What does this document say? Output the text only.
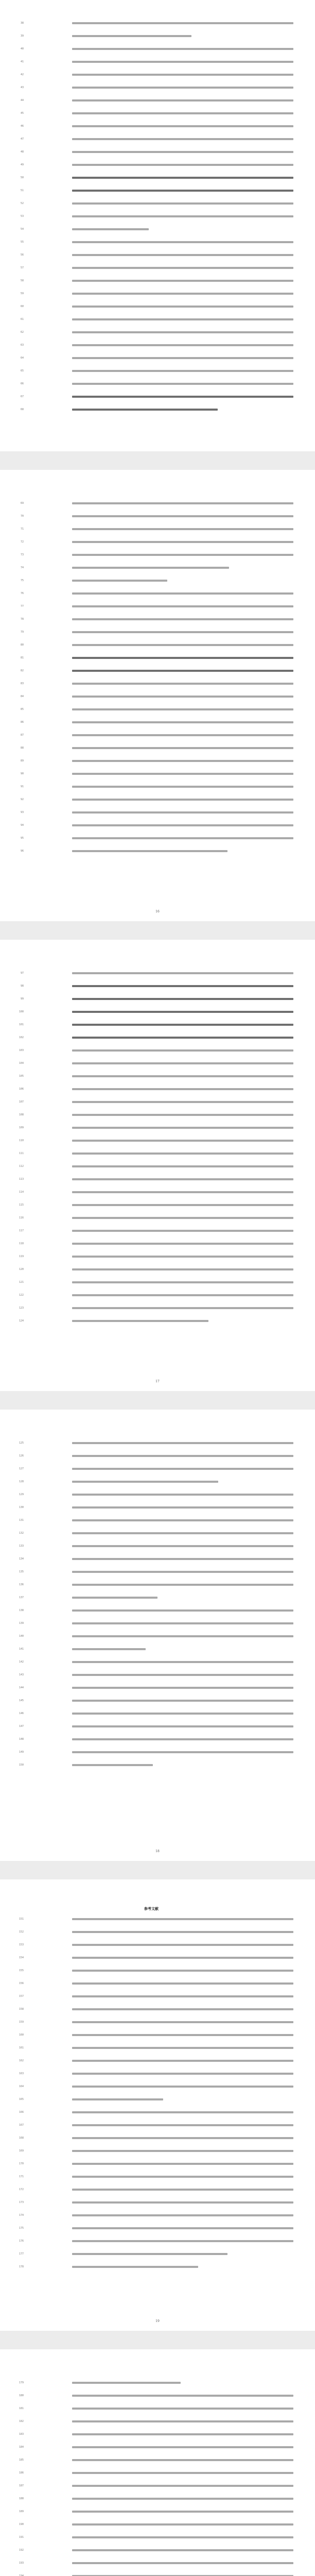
38
39
40
41
42
43
44
45
46
47
48
49
50
51
52
53
54
55
56
57
58
59
60
61
62
63
64
65
66
67
68
69
70
71
72
73
74
75
76
77
78
79
80
81
82
83
84
85
86
87
88
89
90
91
92
93
94
95
96
16
97
98
99
100
101
102
103
104
105
106
107
108
109
110
111
112
113
114
115
116
117
118
119
120
121
122
123
124
17
125
126
127
128
129
130
131
132
133
134
135
136
137
138
139
140
141
142
143
144
145
146
147
148
149
150
18
参考文献
151
152
153
154
155
156
157
158
159
160
161
162
163
164
165
166
167
168
169
170
171
172
173
174
175
176
177
178
19
179
180
181
182
183
184
185
186
187
188
189
190
191
192
193
194
